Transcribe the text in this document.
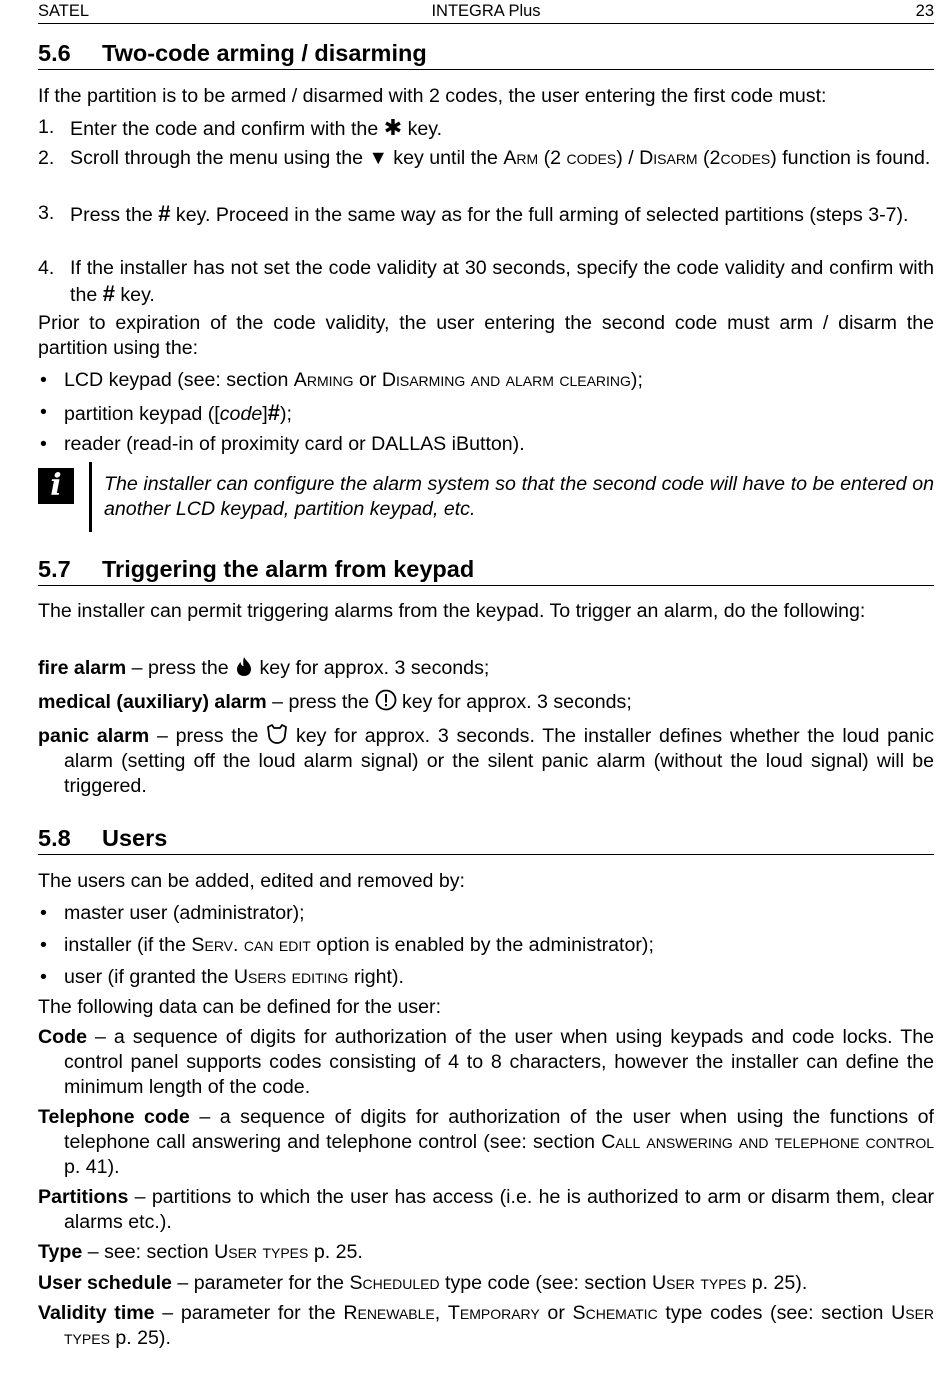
SATEL	INTEGRA Plus	23
5.6 Two-code arming / disarming
If the partition is to be armed / disarmed with 2 codes, the user entering the first code must:
1. Enter the code and confirm with the ✱ key.
2. Scroll through the menu using the ▼ key until the Arm (2 codes) / Disarm (2codes) function is found.
3. Press the # key. Proceed in the same way as for the full arming of selected partitions (steps 3-7).
4. If the installer has not set the code validity at 30 seconds, specify the code validity and confirm with the # key.
Prior to expiration of the code validity, the user entering the second code must arm / disarm the partition using the:
• LCD keypad (see: section Arming or Disarming and alarm clearing);
• partition keypad ([code]#);
• reader (read-in of proximity card or DALLAS iButton).
5.7 Triggering the alarm from keypad
The installer can permit triggering alarms from the keypad. To trigger an alarm, do the following:
fire alarm – press the  key for approx. 3 seconds;
medical (auxiliary) alarm – press the  key for approx. 3 seconds;
panic alarm – press the  key for approx. 3 seconds. The installer defines whether the loud panic alarm (setting off the loud alarm signal) or the silent panic alarm (without the loud signal) will be triggered.
5.8 Users
The users can be added, edited and removed by:
• master user (administrator);
• installer (if the Serv. can edit option is enabled by the administrator);
• user (if granted the Users editing right).
The following data can be defined for the user:
Code – a sequence of digits for authorization of the user when using keypads and code locks. The control panel supports codes consisting of 4 to 8 characters, however the installer can define the minimum length of the code.
Telephone code – a sequence of digits for authorization of the user when using the functions of telephone call answering and telephone control (see: section Call answering and telephone control p. 41).
Partitions – partitions to which the user has access (i.e. he is authorized to arm or disarm them, clear alarms etc.).
Type – see: section User types p. 25.
User schedule – parameter for the Scheduled type code (see: section User types p. 25).
Validity time – parameter for the Renewable, Temporary or Schematic type codes (see: section User types p. 25).
i	The installer can configure the alarm system so that the second code will have to be entered on another LCD keypad, partition keypad, etc.
